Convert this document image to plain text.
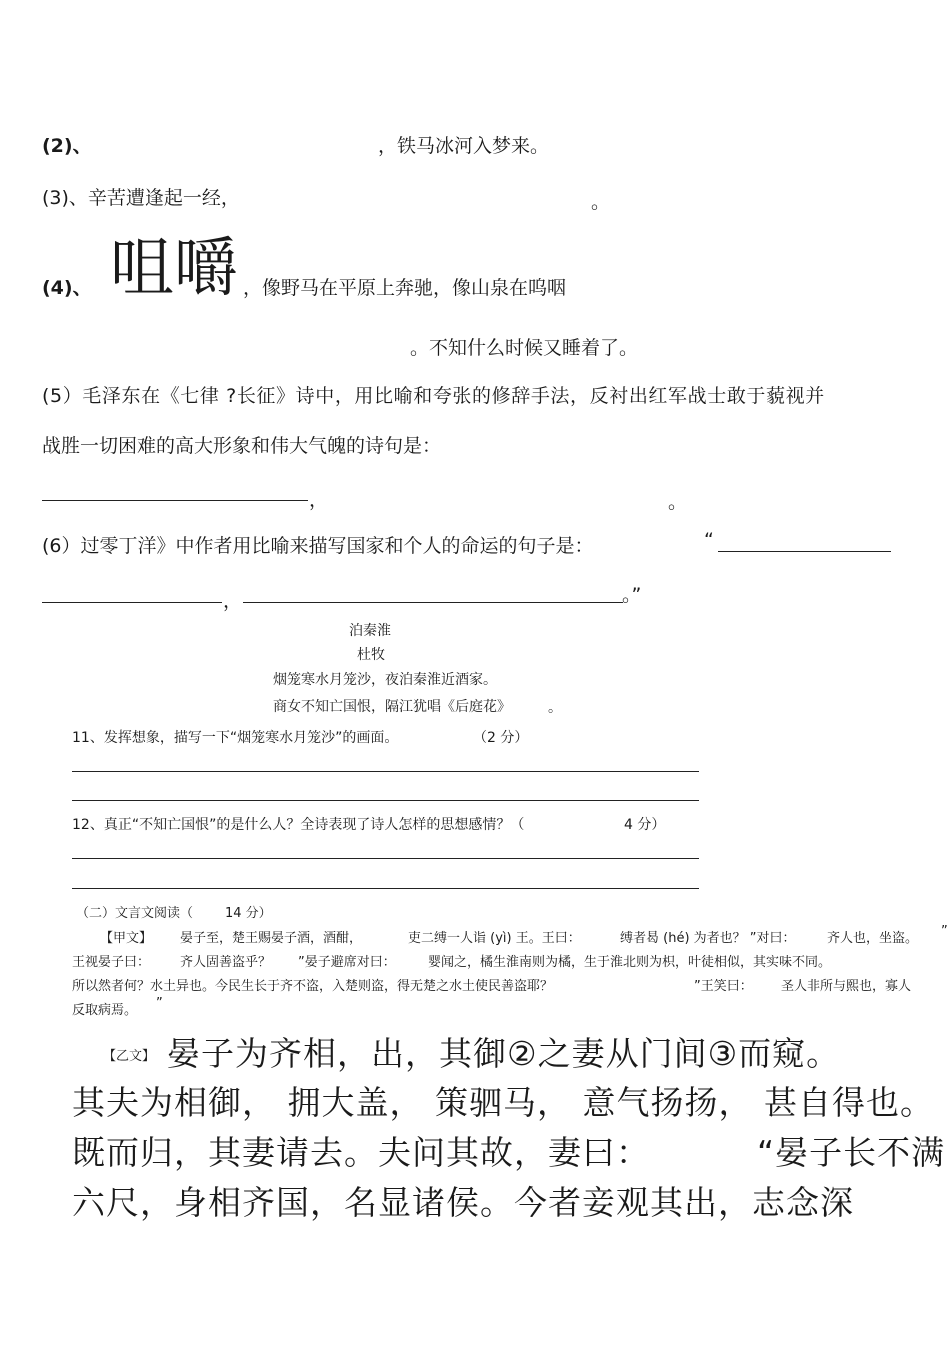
(2)、	，铁马冰河入梦来。
(3)、辛苦遭逢起一经，	。
(4)、 咀嚼 ，像野马在平原上奔驰，像山泉在呜咽
。不知什么时候又睡着了。
(5）毛泽东在《七律 ?长征》诗中，用比喻和夸张的修辞手法，反衬出红军战士敢于藐视并
战胜一切困难的高大形象和伟大气魄的诗句是：
，	。
(6）过零丁洋》中作者用比喻来描写国家和个人的命运的句子是：	“
，	。”
泊秦淮
杜牧
烟笼寒水月笼沙，夜泊秦淮近酒家。
商女不知亡国恨，隔江犹唱《后庭花》	。
11、发挥想象，描写一下“烟笼寒水月笼沙”的画面。	（2 分）
12、真正“不知亡国恨”的是什么人？全诗表现了诗人怎样的思想感情？（	4 分）
（二）文言文阅读（ 14 分）
【甲文】 晏子至，楚王赐晏子酒，酒酣，	吏二缚一人诣 (yì) 王。王曰：	缚者曷 (hé) 为者也？ ”对曰： 齐人也，坐盗。 ”
王视晏子曰： 齐人固善盗乎？ ”晏子避席对曰： 婴闻之，橘生淮南则为橘，生于淮北则为枳，叶徒相似，其实味不同。
所以然者何？水土异也。今民生长于齐不盗，入楚则盗，得无楚之水土使民善盗耶？	”王笑曰： 圣人非所与熙也，寡人
反取病焉。 ”
【乙文】 晏子为齐相，出，其御②之妻从门间③而窥。
其夫为相御， 拥大盖， 策驷马， 意气扬扬， 甚自得也。
既而归，其妻请去。夫问其故，妻曰：	“晏子长不满
六尺，身相齐国，名显诸侯。今者妾观其出，志念深
